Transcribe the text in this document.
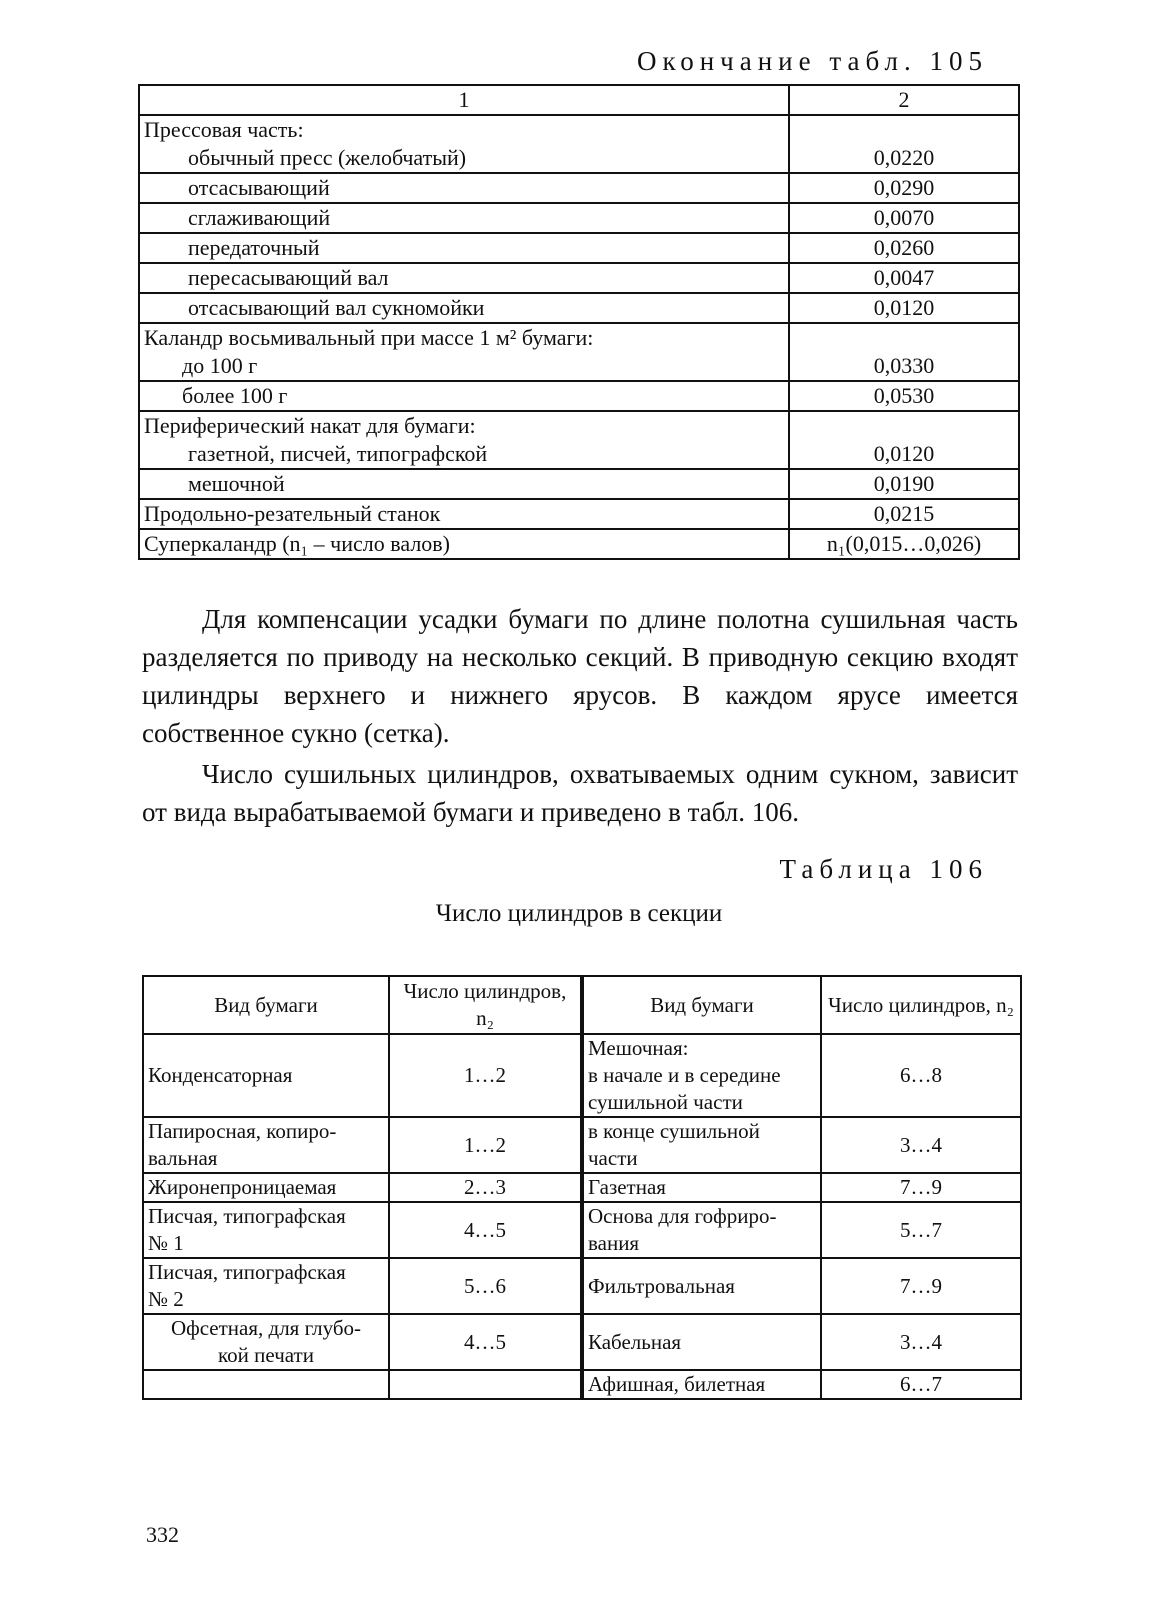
Окончание табл. 105
1	2

Прессовая часть:
обычный пресс (желобчатый)	0,0220

отсасывающий	0,0290

сглаживающий	0,0070

передаточный	0,0260

пересасывающий вал	0,0047

отсасывающий вал сукномойки	0,0120

Каландр восьмивальный при массе 1 м² бумаги:
до 100 г	0,0330

более 100 г	0,0530

Периферический накат для бумаги:
газетной, писчей, типографской	0,0120

мешочной	0,0190

Продольно-резательный станок	0,0215

Суперкаландр (n₁ – число валов)	n₁(0,015…0,026)

Для компенсации усадки бумаги по длине полотна сушильная часть разделяется по приводу на несколько секций. В приводную секцию входят цилиндры верхнего и нижнего ярусов. В каждом ярусе имеется собственное сукно (сетка).

Число сушильных цилиндров, охватываемых одним сукном, зависит от вида вырабатываемой бумаги и приведено в табл. 106.

Таблица 106
Число цилиндров в секции
Вид бумаги	Число цилиндров, n₂	Вид бумаги	Число цилиндров, n₂
Конденсаторная	1…2	Мешочная:
в начале и в середине
сушильной части	6…8
Папиросная, копиро-
вальная	1…2	в конце сушильной
части	3…4
Жиронепроницаемая	2…3	Газетная	7…9
Писчая, типографская
№ 1	4…5	Основа для гофриро-
вания	5…7
Писчая, типографская
№ 2	5…6	Фильтровальная	7…9
Офсетная, для глубо-
кой печати	4…5	Кабельная	3…4
		Афишная, билетная	6…7
332
